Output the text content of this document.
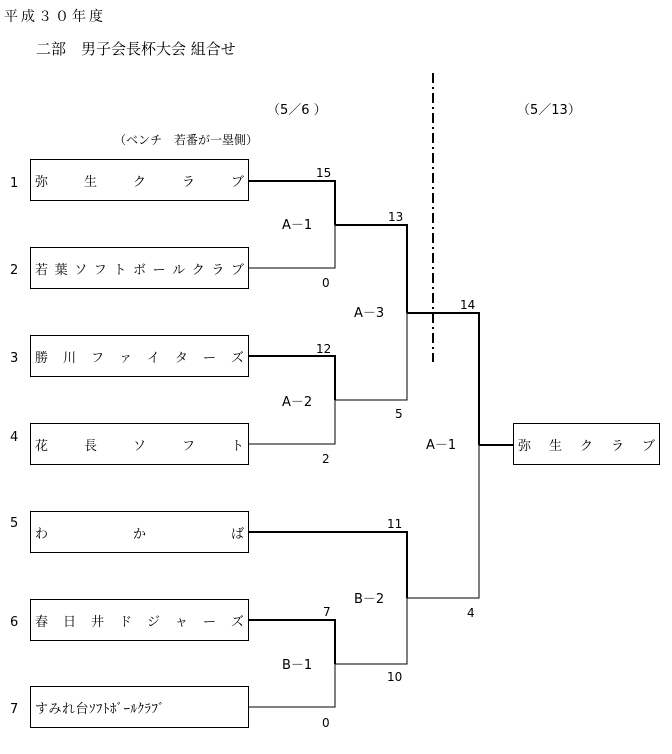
平成３０年度
二部　男子会長杯大会 組合せ
（5／6 ）	（5／13）
（ベンチ　若番が一塁側）
1
2
3
4
5
6
7
弥	生	ク	ラ	ブ
若 葉 ソ フ ト ボ ー ル ク ラ ブ
勝 川 フ ァ イ タ ー ズ
花	長	ソ	フ	ト
わ	か	ば
春 日 井 ド ジ ャ ー ズ
すみれ台ｿﾌﾄﾎﾞｰﾙｸﾗﾌﾞ
弥 生 ク ラ ブ
15
0
12
2
13
5
7
0
11
10
14
4
A－1
A－2
A－3
B－1
B－2
A－1
